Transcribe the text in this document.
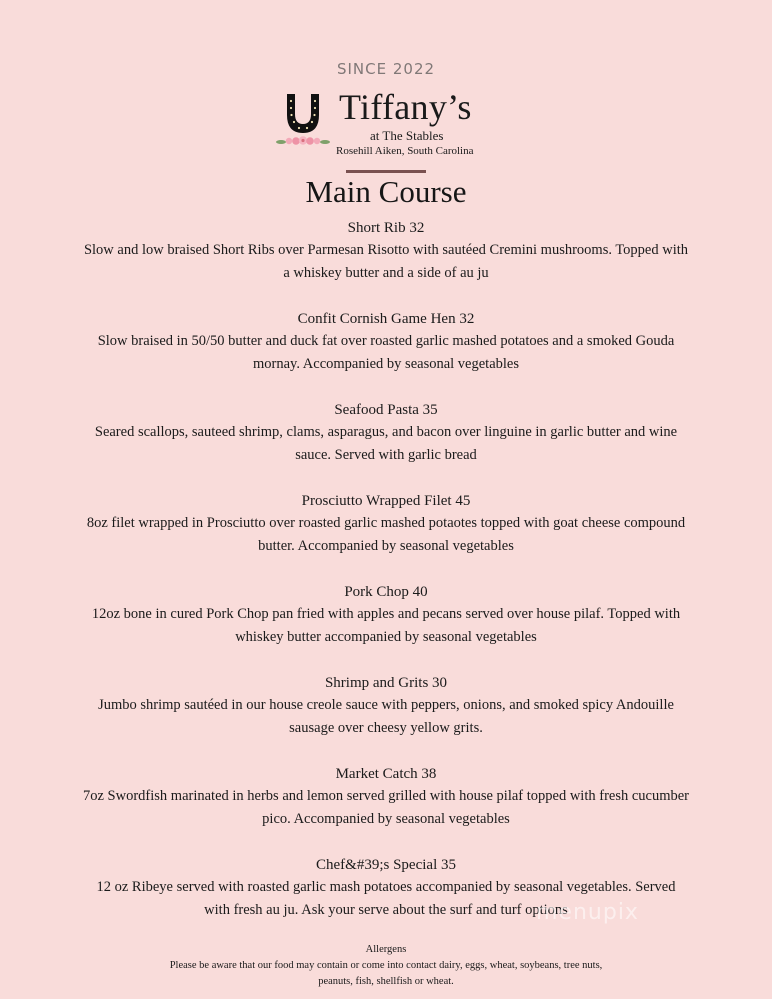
SINCE 2022
Tiffany’s
at The Stables
Rosehill Aiken, South Carolina
Main Course
Short Rib 32
Slow and low braised Short Ribs over Parmesan Risotto with sautéed Cremini mushrooms. Topped with
a whiskey butter and a side of au ju
Confit Cornish Game Hen 32
Slow braised in 50/50 butter and duck fat over roasted garlic mashed potatoes and a smoked Gouda
mornay. Accompanied by seasonal vegetables
Seafood Pasta 35
Seared scallops, sauteed shrimp, clams, asparagus, and bacon over linguine in garlic butter and wine
sauce. Served with garlic bread
Prosciutto Wrapped Filet 45
8oz filet wrapped in Prosciutto over roasted garlic mashed potaotes topped with goat cheese compound
butter. Accompanied by seasonal vegetables
Pork Chop 40
12oz bone in cured Pork Chop pan fried with apples and pecans served over house pilaf. Topped with
whiskey butter accompanied by seasonal vegetables
Shrimp and Grits 30
Jumbo shrimp sautéed in our house creole sauce with peppers, onions, and smoked spicy Andouille
sausage over cheesy yellow grits.
Market Catch 38
7oz Swordfish marinated in herbs and lemon served grilled with house pilaf topped with fresh cucumber
pico. Accompanied by seasonal vegetables
Chef&#39;s Special 35
12 oz Ribeye served with roasted garlic mash potatoes accompanied by seasonal vegetables. Served
with fresh au ju. Ask your serve about the surf and turf options
menupix
Allergens
Please be aware that our food may contain or come into contact dairy, eggs, wheat, soybeans, tree nuts,
peanuts, fish, shellfish or wheat.
